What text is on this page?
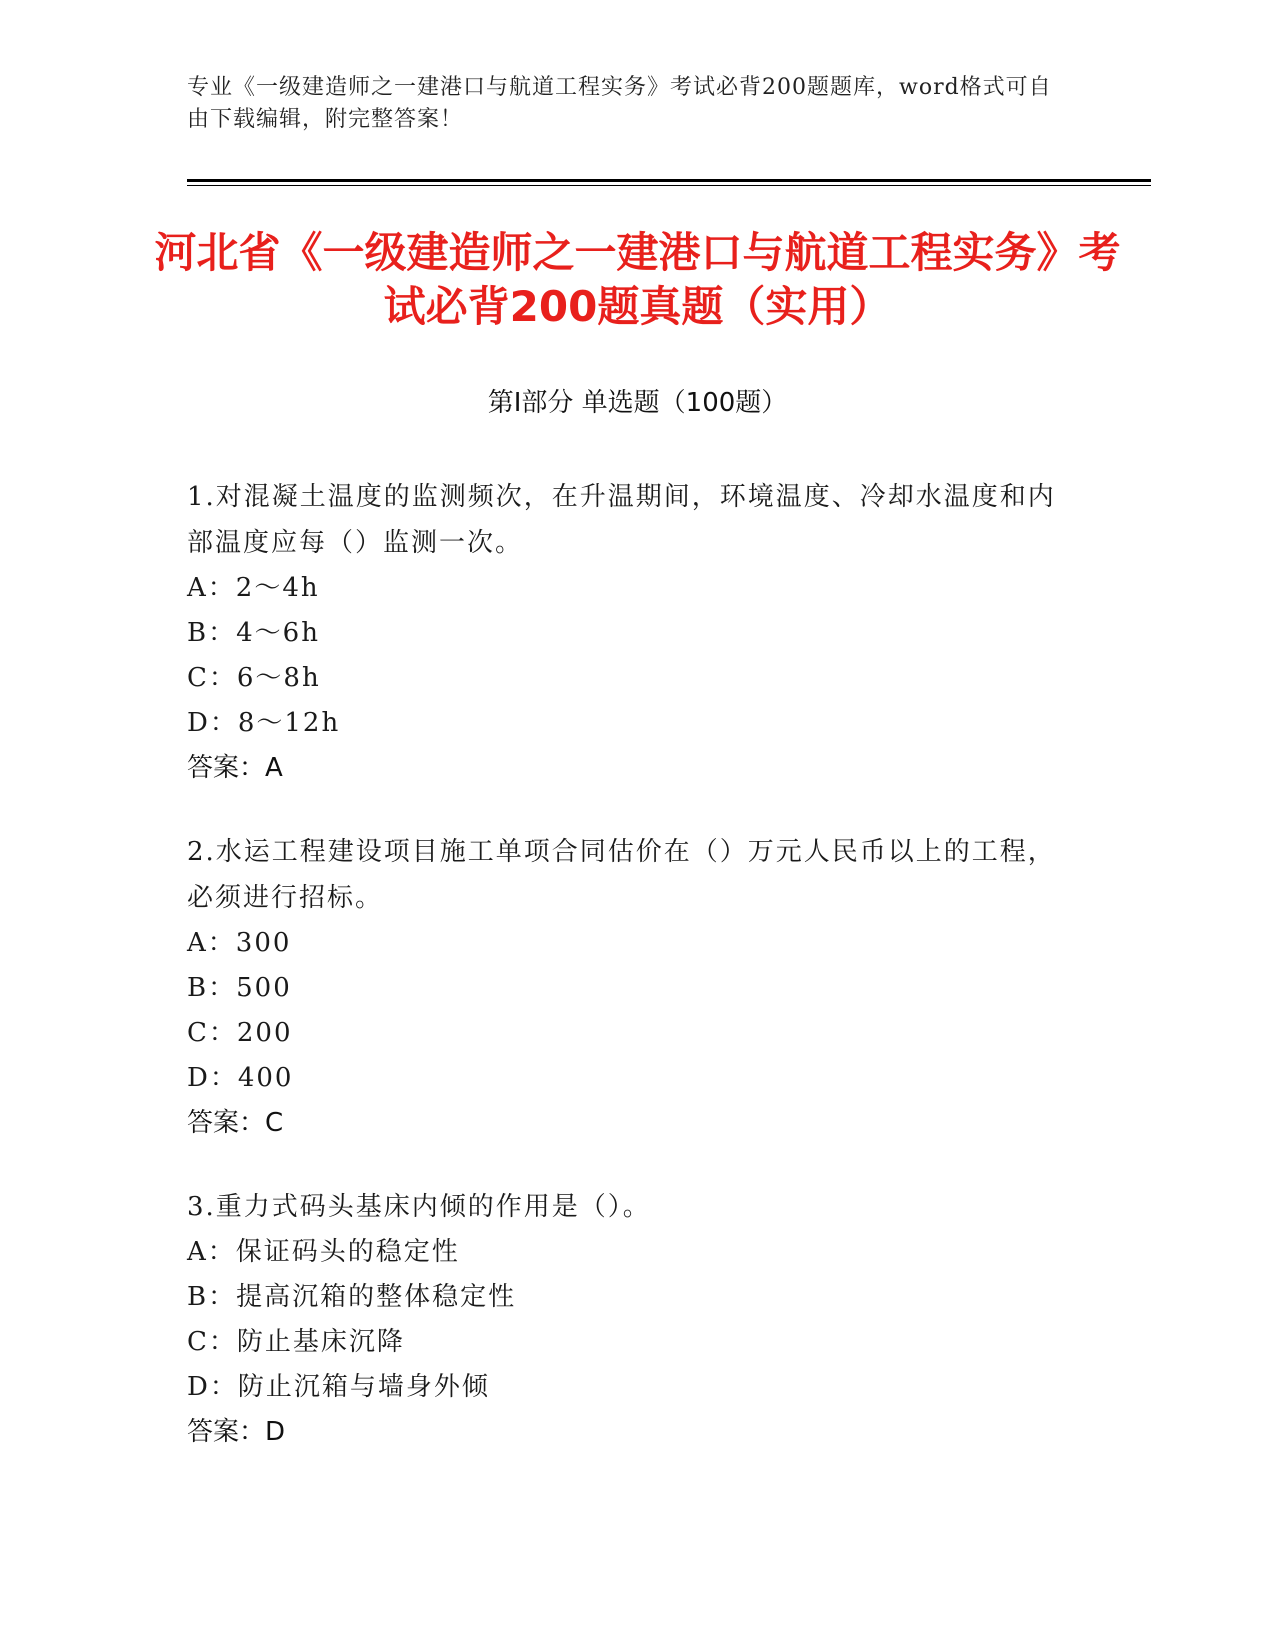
专业《一级建造师之一建港口与航道工程实务》考试必背200题题库，word格式可自由下载编辑，附完整答案！
河北省《一级建造师之一建港口与航道工程实务》考试必背200题真题（实用）
第Ⅰ部分 单选题（100题）
1.对混凝土温度的监测频次，在升温期间，环境温度、冷却水温度和内部温度应每（）监测一次。
A：2～4h
B：4～6h
C：6～8h
D：8～12h
答案：A
2.水运工程建设项目施工单项合同估价在（）万元人民币以上的工程，必须进行招标。
A：300
B：500
C：200
D：400
答案：C
3.重力式码头基床内倾的作用是（）。
A：保证码头的稳定性
B：提高沉箱的整体稳定性
C：防止基床沉降
D：防止沉箱与墙身外倾
答案：D
